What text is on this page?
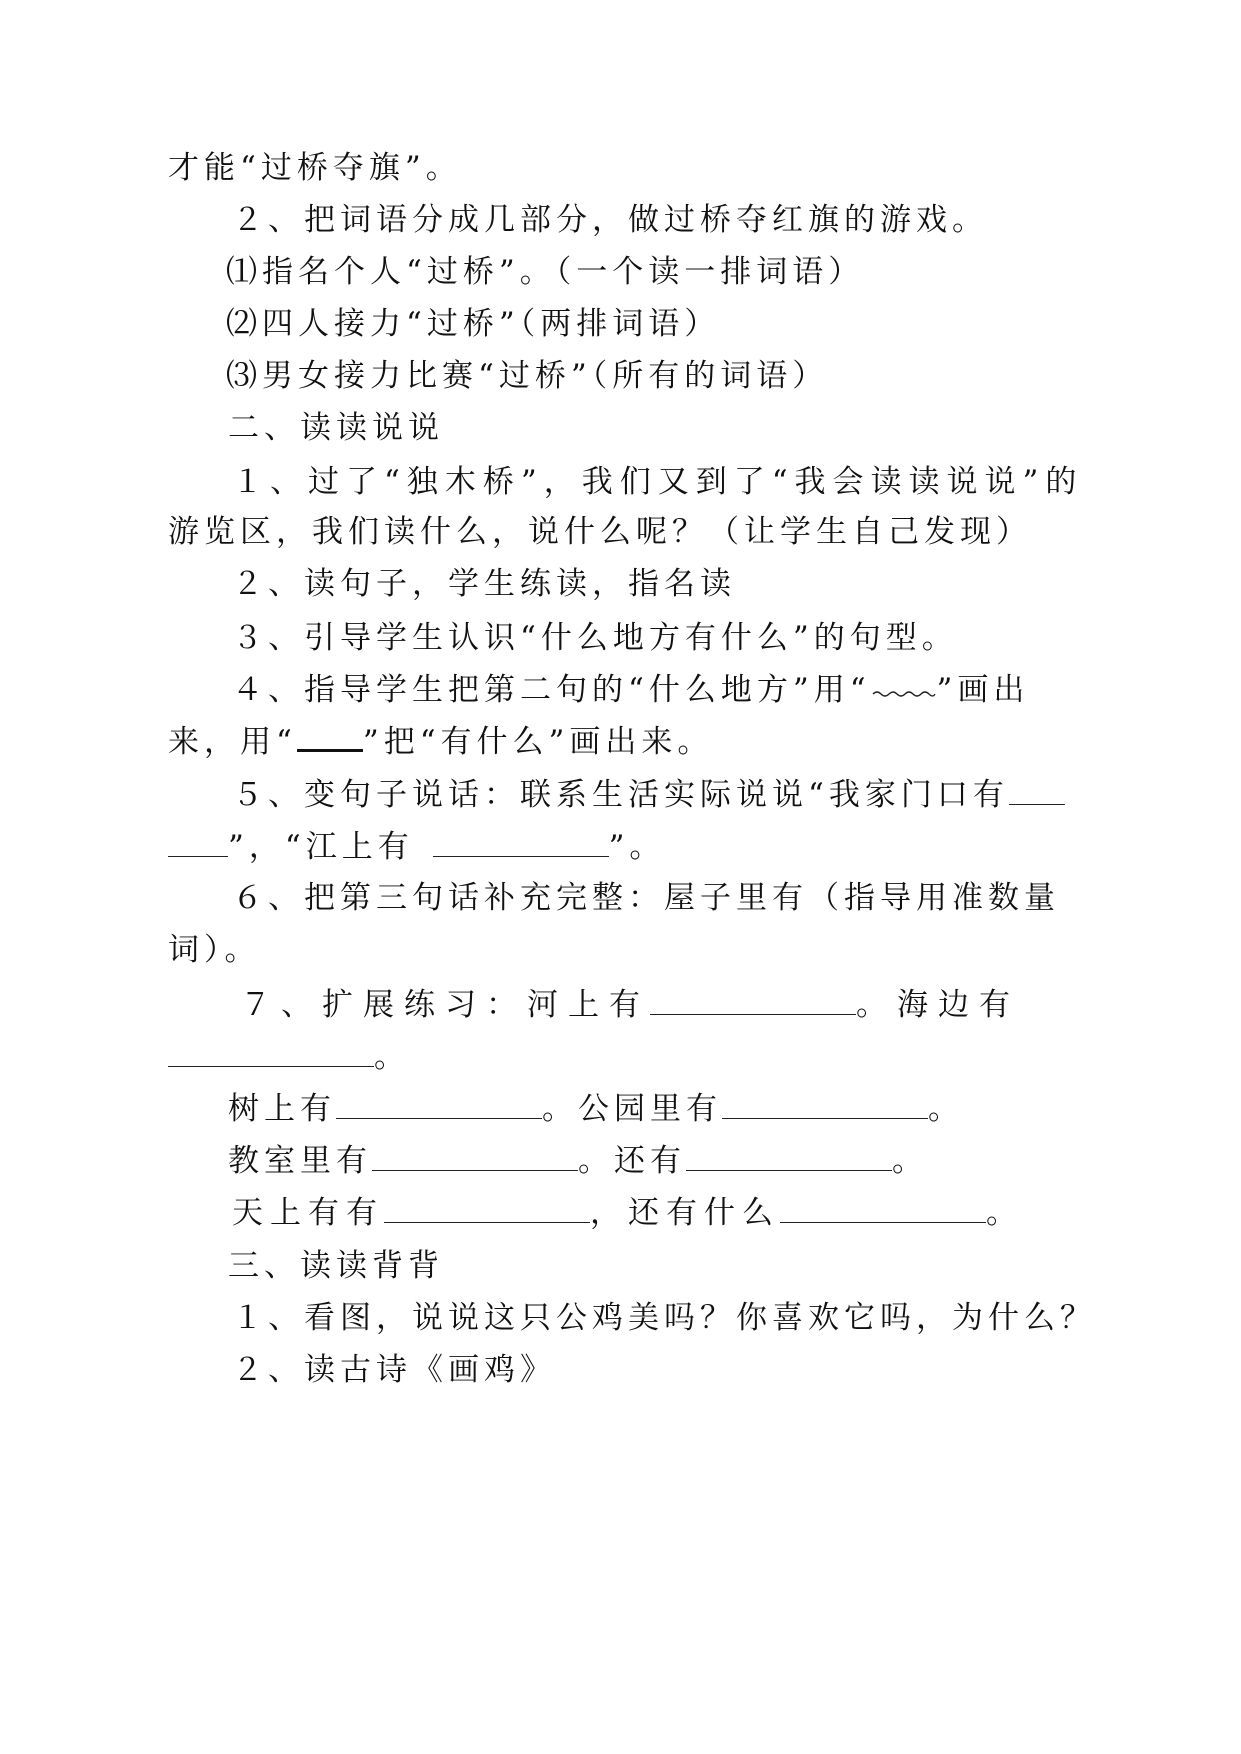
才能“过桥夺旗”。
２、把词语分成几部分，做过桥夺红旗的游戏。
⑴指名个人“过桥”。（一个读一排词语）
⑵四人接力“过桥”（两排词语）
⑶男女接力比赛“过桥”（所有的词语）
二、读读说说
１、过了“独木桥”，我们又到了“我会读读说说”的
游览区，我们读什么，说什么呢？（让学生自己发现）
２、读句子，学生练读，指名读
３、引导学生认识“什么地方有什么”的句型。
４、指导学生把第二句的“什么地方”用“ ”画出
来，用“ ”把“有什么”画出来。
５、变句子说话：联系生活实际说说“我家门口有
”，“江上有	”。
６、把第三句话补充完整：屋子里有（指导用准数量
词）。
７、扩展练习：河上有	。海边有
。
树上有	。公园里有	。
教室里有	。还有	。
天上有有	，还有什么	。
三、读读背背
１、看图，说说这只公鸡美吗？你喜欢它吗，为什么？
２、读古诗《画鸡》
